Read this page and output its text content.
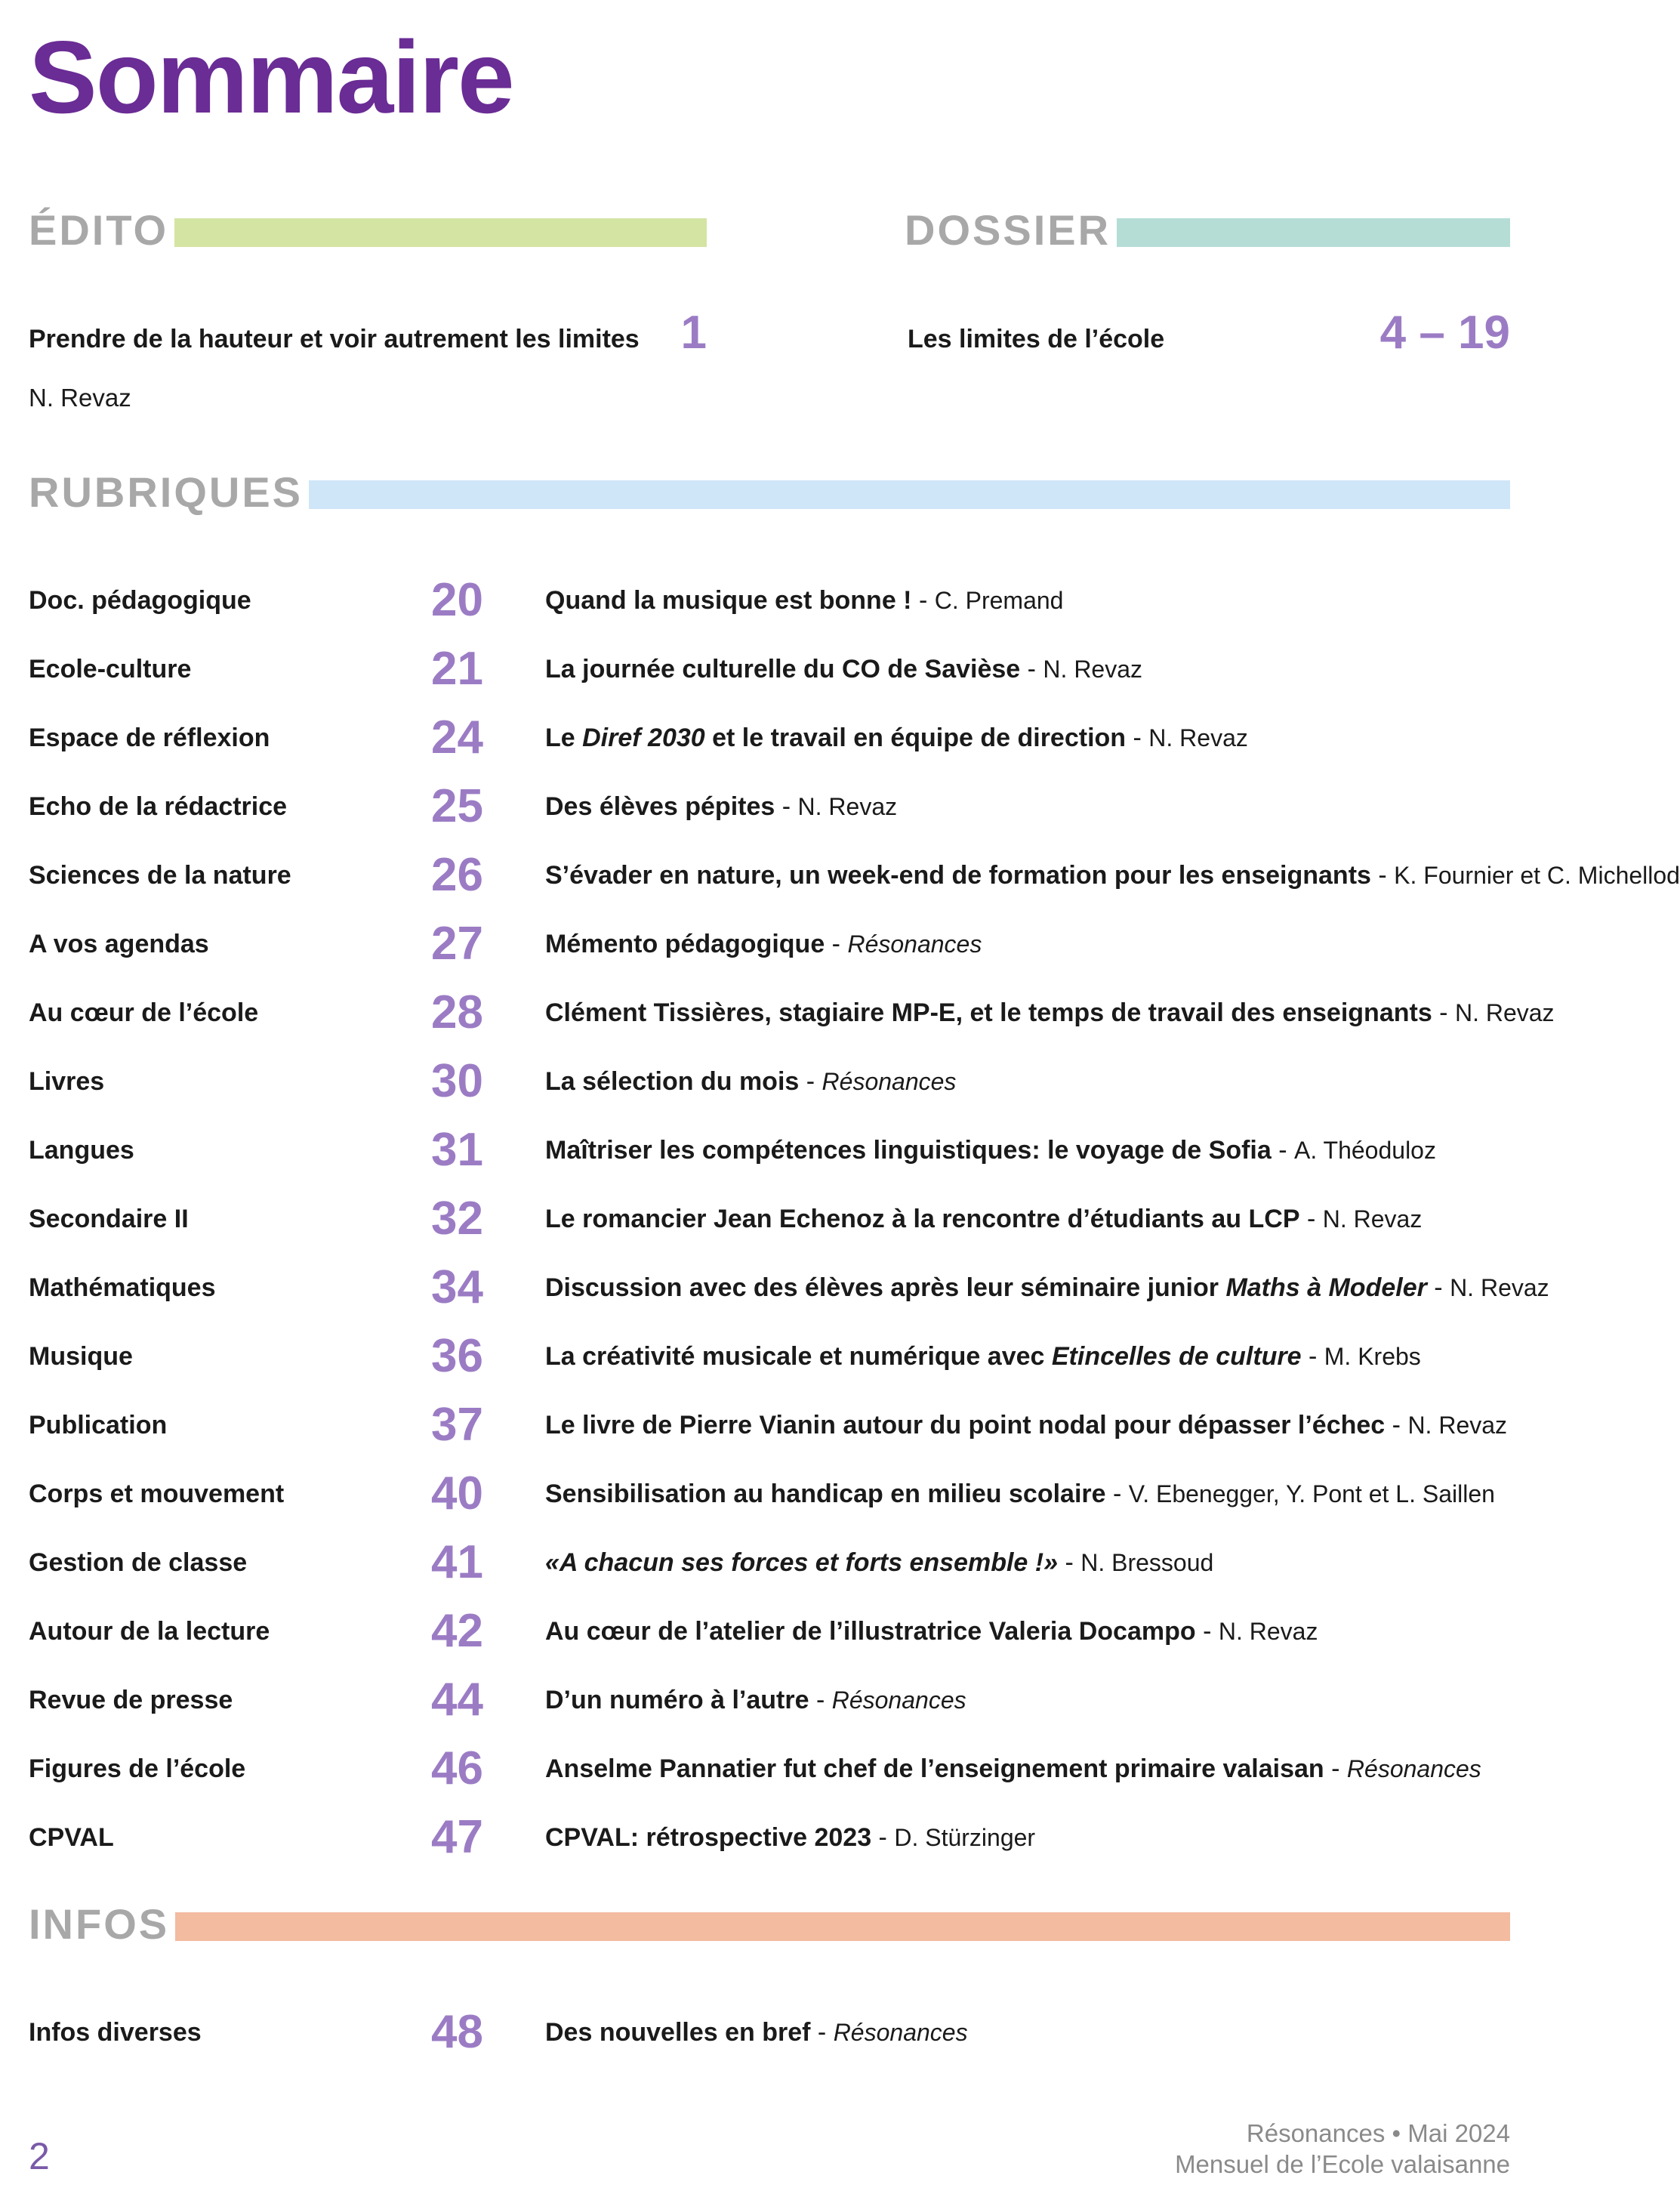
Sommaire
ÉDITO
Prendre de la hauteur et voir autrement les limites 1
N. Revaz
DOSSIER
Les limites de l’école	4 – 19
RUBRIQUES
Doc. pédagogique	20 Quand la musique est bonne ! - C. Premand
Ecole-culture	21 La journée culturelle du CO de Savièse - N. Revaz
Espace de réflexion	24 Le Diref 2030 et le travail en équipe de direction - N. Revaz
Echo de la rédactrice	25 Des élèves pépites - N. Revaz
Sciences de la nature	26 S’évader en nature, un week-end de formation pour les enseignants - K. Fournier et C. Michellod
A vos agendas	27 Mémento pédagogique - Résonances
Au cœur de l’école	28 Clément Tissières, stagiaire MP-E, et le temps de travail des enseignants - N. Revaz
Livres	30 La sélection du mois - Résonances
Langues	31 Maîtriser les compétences linguistiques: le voyage de Sofia - A. Théoduloz
Secondaire II	32 Le romancier Jean Echenoz à la rencontre d’étudiants au LCP - N. Revaz
Mathématiques	34 Discussion avec des élèves après leur séminaire junior Maths à Modeler - N. Revaz
Musique	36 La créativité musicale et numérique avec Etincelles de culture - M. Krebs
Publication	37 Le livre de Pierre Vianin autour du point nodal pour dépasser l’échec - N. Revaz
Corps et mouvement	40 Sensibilisation au handicap en milieu scolaire - V. Ebenegger, Y. Pont et L. Saillen
Gestion de classe	41 «A chacun ses forces et forts ensemble !» - N. Bressoud
Autour de la lecture	42 Au cœur de l’atelier de l’illustratrice Valeria Docampo - N. Revaz
Revue de presse	44 D’un numéro à l’autre - Résonances
Figures de l’école	46 Anselme Pannatier fut chef de l’enseignement primaire valaisan - Résonances
CPVAL	47 CPVAL: rétrospective 2023 - D. Stürzinger
INFOS
Infos diverses	48 Des nouvelles en bref - Résonances
2
Résonances • Mai 2024
Mensuel de l’Ecole valaisanne
